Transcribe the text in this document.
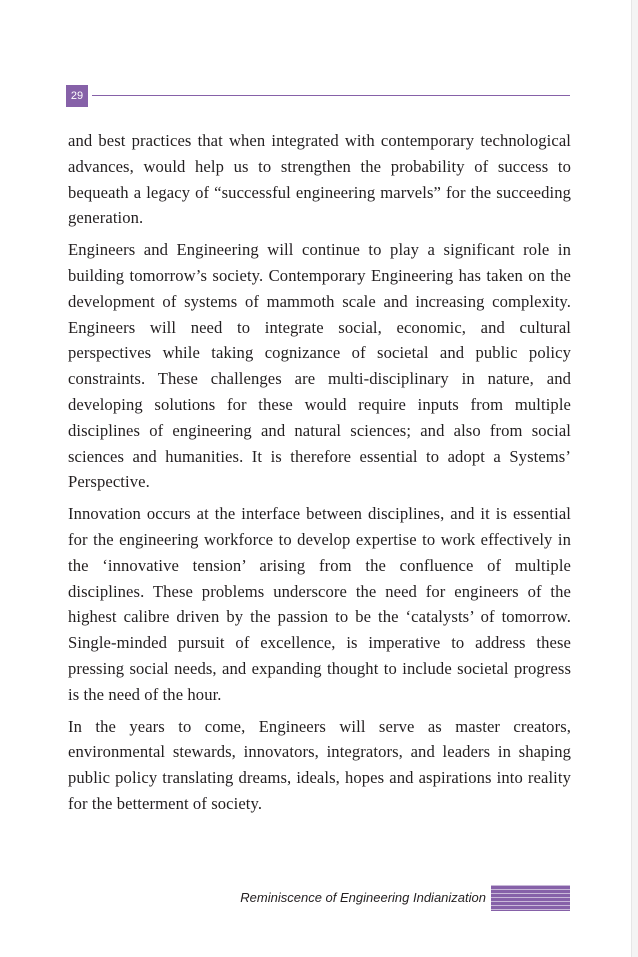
29

and best practices that when integrated with contemporary technological advances, would help us to strengthen the probability of success to bequeath a legacy of “successful engineering marvels” for the succeeding generation.

Engineers and Engineering will continue to play a significant role in building tomorrow’s society. Contemporary Engineering has taken on the development of systems of mammoth scale and increasing complexity. Engineers will need to integrate social, economic, and cultural perspectives while taking cognizance of societal and public policy constraints. These challenges are multi-disciplinary in nature, and developing solutions for these would require inputs from multiple disciplines of engineering and natural sciences; and also from social sciences and humanities. It is therefore essential to adopt a Systems’ Perspective.

Innovation occurs at the interface between disciplines, and it is essential for the engineering workforce to develop expertise to work effectively in the ‘innovative tension’ arising from the confluence of multiple disciplines. These problems underscore the need for engineers of the highest calibre driven by the passion to be the ‘catalysts’ of tomorrow. Single-minded pursuit of excellence, is imperative to address these pressing social needs, and expanding thought to include societal progress is the need of the hour.

In the years to come, Engineers will serve as master creators, environmental stewards, innovators, integrators, and leaders in shaping public policy translating dreams, ideals, hopes and aspirations into reality for the betterment of society.

Reminiscence of Engineering Indianization
